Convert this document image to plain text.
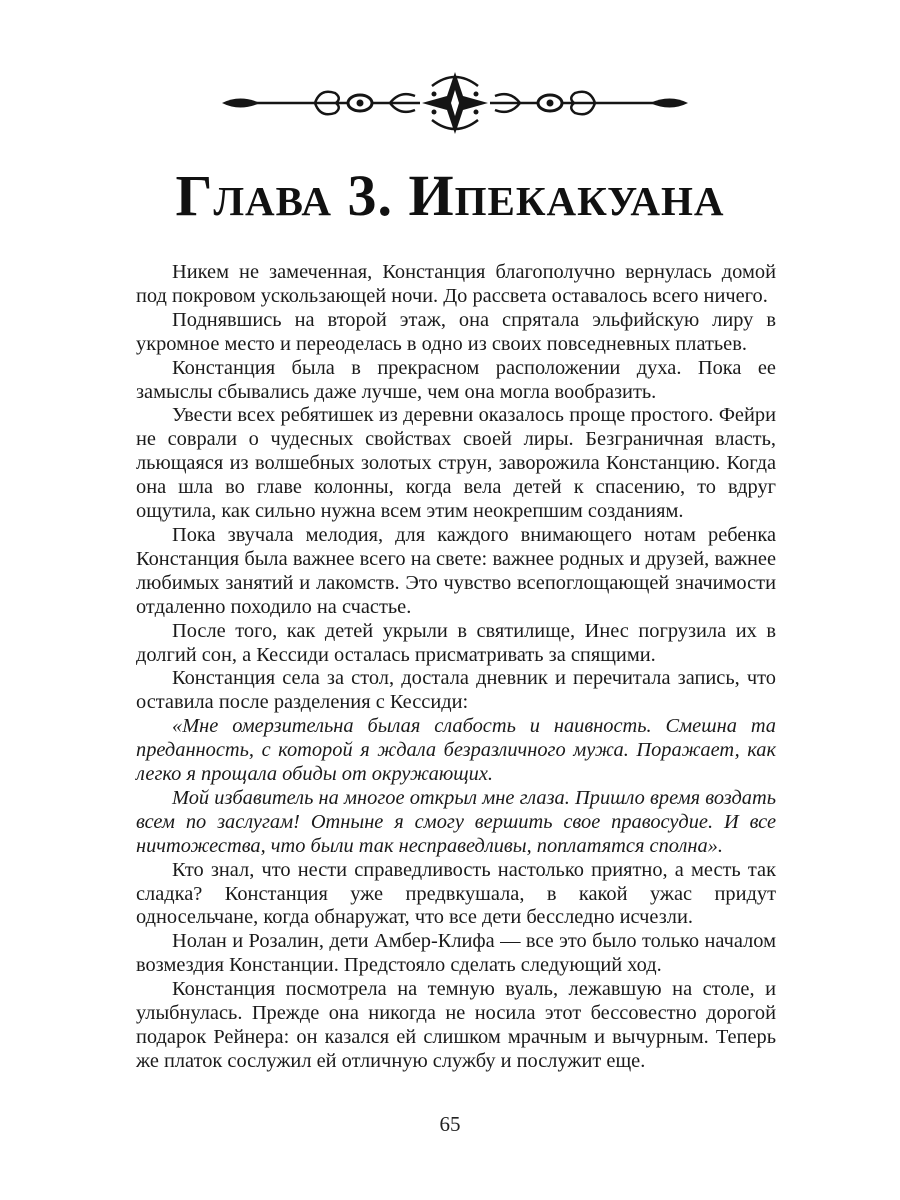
Глава 3. Ипекакуана

Никем не замеченная, Констанция благополучно вернулась домой под покровом ускользающей ночи. До рассвета оставалось всего ничего.

Поднявшись на второй этаж, она спрятала эльфийскую лиру в укромное место и переоделась в одно из своих повседневных платьев.

Констанция была в прекрасном расположении духа. Пока ее замыслы сбывались даже лучше, чем она могла вообразить.

Увести всех ребятишек из деревни оказалось проще простого. Фейри не соврали о чудесных свойствах своей лиры. Безграничная власть, льющаяся из волшебных золотых струн, заворожила Констанцию. Когда она шла во главе колонны, когда вела детей к спасению, то вдруг ощутила, как сильно нужна всем этим неокрепшим созданиям.

Пока звучала мелодия, для каждого внимающего нотам ребенка Констанция была важнее всего на свете: важнее родных и друзей, важнее любимых занятий и лакомств. Это чувство всепоглощающей значимости отдаленно походило на счастье.

После того, как детей укрыли в святилище, Инес погрузила их в долгий сон, а Кессиди осталась присматривать за спящими.

Констанция села за стол, достала дневник и перечитала запись, что оставила после разделения с Кессиди:

«Мне омерзительна былая слабость и наивность. Смешна та преданность, с которой я ждала безразличного мужа. Поражает, как легко я прощала обиды от окружающих.

Мой избавитель на многое открыл мне глаза. Пришло время воздать всем по заслугам! Отныне я смогу вершить свое правосудие. И все ничтожества, что были так несправедливы, поплатятся сполна».

Кто знал, что нести справедливость настолько приятно, а месть так сладка? Констанция уже предвкушала, в какой ужас придут односельчане, когда обнаружат, что все дети бесследно исчезли.

Нолан и Розалин, дети Амбер-Клифа — все это было только началом возмездия Констанции. Предстояло сделать следующий ход.

Констанция посмотрела на темную вуаль, лежавшую на столе, и улыбнулась. Прежде она никогда не носила этот бессовестно дорогой подарок Рейнера: он казался ей слишком мрачным и вычурным. Теперь же платок сослужил ей отличную службу и послужит еще.

65
